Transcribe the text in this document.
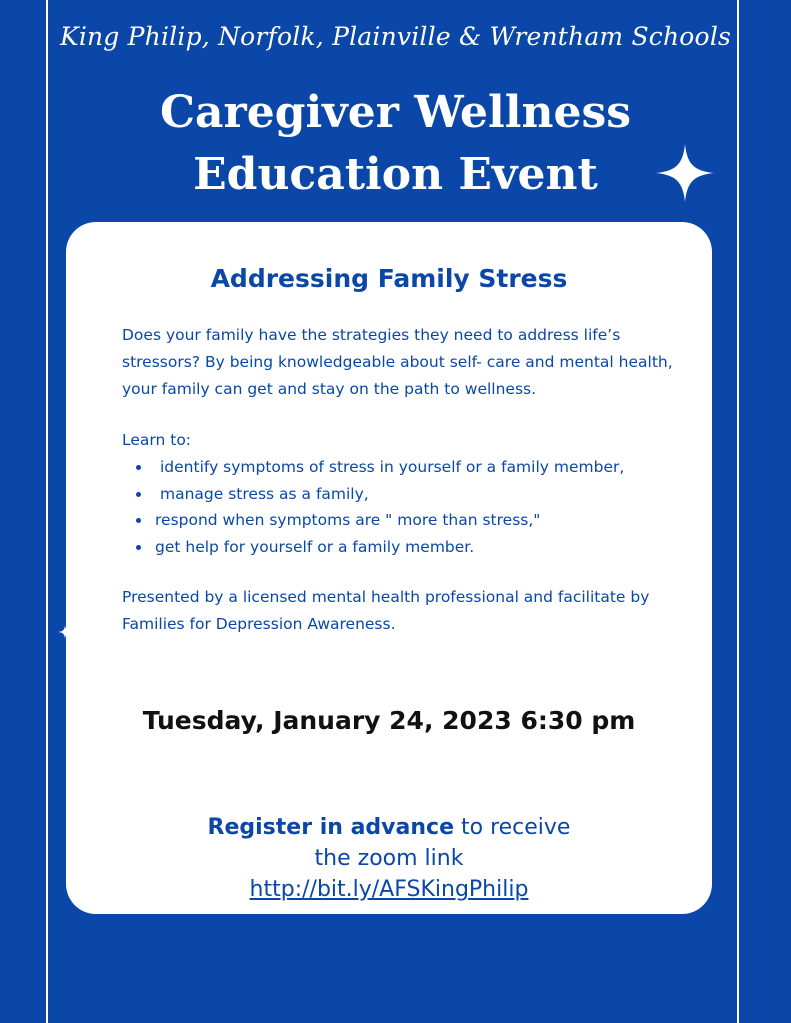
King Philip, Norfolk, Plainville & Wrentham Schools
Caregiver Wellness
Education Event
Addressing Family Stress

Does your family have the strategies they need to address life’s stressors? By being knowledgeable about self- care and mental health, your family can get and stay on the path to wellness.

Learn to:
identify symptoms of stress in yourself or a family member,
manage stress as a family,
respond when symptoms are " more than stress,"
get help for yourself or a family member.

Presented by a licensed mental health professional and facilitate by Families for Depression Awareness.

Tuesday, January 24, 2023 6:30 pm
Register in advance to receive
the zoom link
http://bit.ly/AFSKingPhilip
